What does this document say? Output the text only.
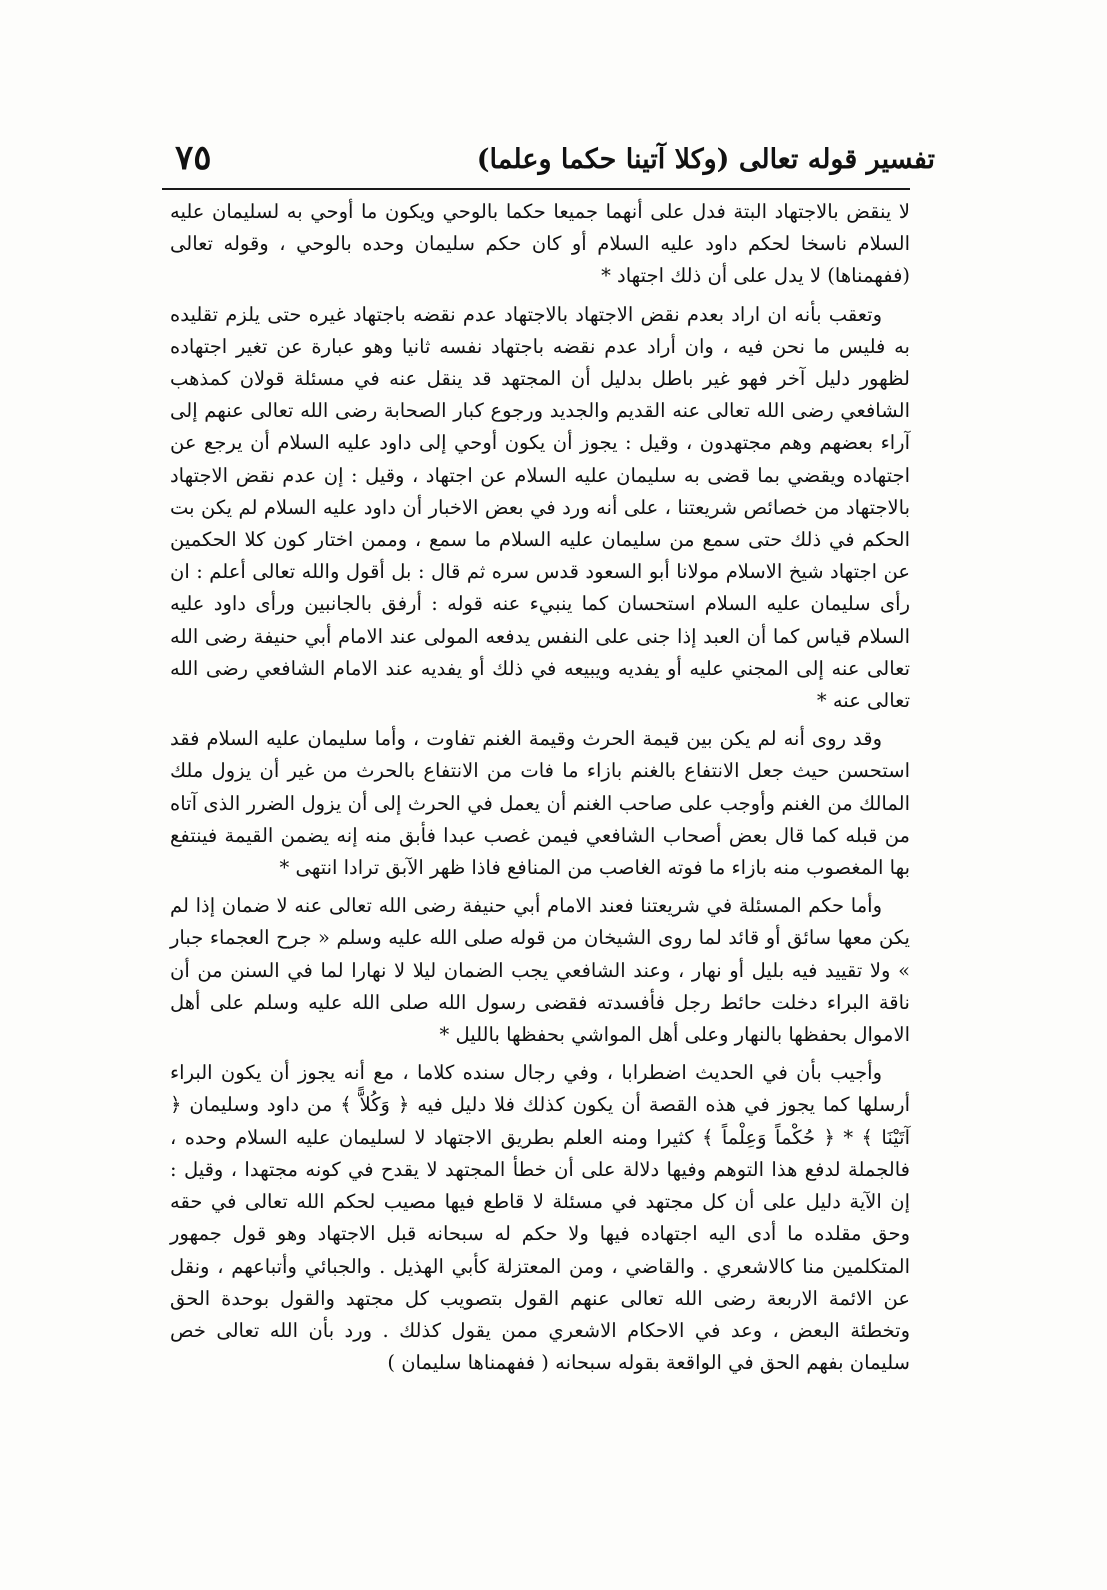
تفسير قوله تعالى (وكلا آتينا حكما وعلما)
٧٥

لا ينقض بالاجتهاد البتة فدل على أنهما جميعا حكما بالوحي ويكون ما أوحي به لسليمان عليه السلام ناسخا لحكم داود عليه السلام أو كان حكم سليمان وحده بالوحي ، وقوله تعالى (ففهمناها) لا يدل على أن ذلك اجتهاد *

وتعقب بأنه ان اراد بعدم نقض الاجتهاد بالاجتهاد عدم نقضه باجتهاد غيره حتى يلزم تقليده به فليس ما نحن فيه ، وان أراد عدم نقضه باجتهاد نفسه ثانيا وهو عبارة عن تغير اجتهاده لظهور دليل آخر فهو غير باطل بدليل أن المجتهد قد ينقل عنه في مسئلة قولان كمذهب الشافعي رضى الله تعالى عنه القديم والجديد ورجوع كبار الصحابة رضى الله تعالى عنهم إلى آراء بعضهم وهم مجتهدون ، وقيل : يجوز أن يكون أوحي إلى داود عليه السلام أن يرجع عن اجتهاده ويقضي بما قضى به سليمان عليه السلام عن اجتهاد ، وقيل : إن عدم نقض الاجتهاد بالاجتهاد من خصائص شريعتنا ، على أنه ورد في بعض الاخبار أن داود عليه السلام لم يكن بت الحكم في ذلك حتى سمع من سليمان عليه السلام ما سمع ، وممن اختار كون كلا الحكمين عن اجتهاد شيخ الاسلام مولانا أبو السعود قدس سره ثم قال : بل أقول والله تعالى أعلم : ان رأى سليمان عليه السلام استحسان كما ينبيء عنه قوله : أرفق بالجانبين ورأى داود عليه السلام قياس كما أن العبد إذا جنى على النفس يدفعه المولى عند الامام أبي حنيفة رضى الله تعالى عنه إلى المجني عليه أو يفديه ويبيعه في ذلك أو يفديه عند الامام الشافعي رضى الله تعالى عنه *

وقد روى أنه لم يكن بين قيمة الحرث وقيمة الغنم تفاوت ، وأما سليمان عليه السلام فقد استحسن حيث جعل الانتفاع بالغنم بازاء ما فات من الانتفاع بالحرث من غير أن يزول ملك المالك من الغنم وأوجب على صاحب الغنم أن يعمل في الحرث إلى أن يزول الضرر الذى آتاه من قبله كما قال بعض أصحاب الشافعي فيمن غصب عبدا فأبق منه إنه يضمن القيمة فينتفع بها المغصوب منه بازاء ما فوته الغاصب من المنافع فاذا ظهر الآبق ترادا انتهى *

وأما حكم المسئلة في شريعتنا فعند الامام أبي حنيفة رضى الله تعالى عنه لا ضمان إذا لم يكن معها سائق أو قائد لما روى الشيخان من قوله صلى الله عليه وسلم « جرح العجماء جبار » ولا تقييد فيه بليل أو نهار ، وعند الشافعي يجب الضمان ليلا لا نهارا لما في السنن من أن ناقة البراء دخلت حائط رجل فأفسدته فقضى رسول الله صلى الله عليه وسلم على أهل الاموال بحفظها بالنهار وعلى أهل المواشي بحفظها بالليل *

وأجيب بأن في الحديث اضطرابا ، وفي رجال سنده كلاما ، مع أنه يجوز أن يكون البراء أرسلها كما يجوز في هذه القصة أن يكون كذلك فلا دليل فيه ﴿ وَكُلاًّ ﴾ من داود وسليمان ﴿ آتَيْنَا ﴾ * ﴿ حُكْماً وَعِلْماً ﴾ كثيرا ومنه العلم بطريق الاجتهاد لا لسليمان عليه السلام وحده ، فالجملة لدفع هذا التوهم وفيها دلالة على أن خطأ المجتهد لا يقدح في كونه مجتهدا ، وقيل : إن الآية دليل على أن كل مجتهد في مسئلة لا قاطع فيها مصيب لحكم الله تعالى في حقه وحق مقلده ما أدى اليه اجتهاده فيها ولا حكم له سبحانه قبل الاجتهاد وهو قول جمهور المتكلمين منا كالاشعري . والقاضي ، ومن المعتزلة كأبي الهذيل . والجبائي وأتباعهم ، ونقل عن الائمة الاربعة رضى الله تعالى عنهم القول بتصويب كل مجتهد والقول بوحدة الحق وتخطئة البعض ، وعد في الاحكام الاشعري ممن يقول كذلك . ورد بأن الله تعالى خص سليمان بفهم الحق في الواقعة بقوله سبحانه ( ففهمناها سليمان )
